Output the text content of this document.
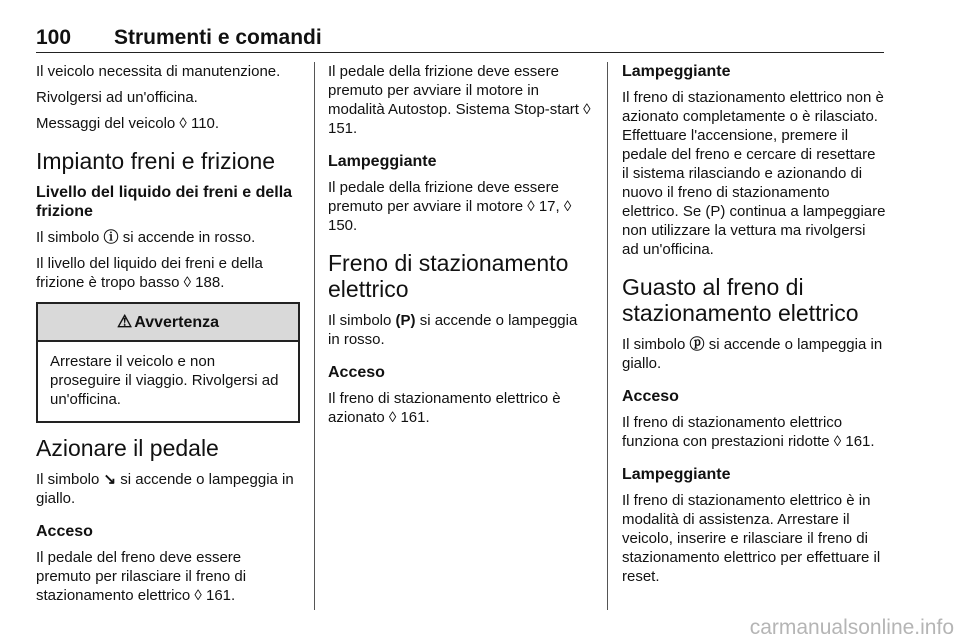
100 Strumenti e comandi

Il veicolo necessita di manutenzione.

Rivolgersi ad un'officina.

Messaggi del veicolo ◊ 110.

Impianto freni e frizione
Livello del liquido dei freni e della frizione

Il simbolo ⓘ si accende in rosso.

Il livello del liquido dei freni e della frizione è tropo basso ◊ 188.

⚠ Avvertenza
Arrestare il veicolo e non proseguire il viaggio. Rivolgersi ad un'officina.
Azionare il pedale

Il simbolo ↘ si accende o lampeggia in giallo.

Acceso

Il pedale del freno deve essere premuto per rilasciare il freno di stazionamento elettrico ◊ 161.

Il pedale della frizione deve essere premuto per avviare il motore in modalità Autostop. Sistema Stop-start ◊ 151.

Lampeggiante

Il pedale della frizione deve essere premuto per avviare il motore ◊ 17, ◊ 150.

Freno di stazionamento elettrico

Il simbolo (P) si accende o lampeggia in rosso.

Acceso

Il freno di stazionamento elettrico è azionato ◊ 161.

Lampeggiante

Il freno di stazionamento elettrico non è azionato completamente o è rilasciato. Effettuare l'accensione, premere il pedale del freno e cercare di resettare il sistema rilasciando e azionando di nuovo il freno di stazionamento elettrico. Se (P) continua a lampeggiare non utilizzare la vettura ma rivolgersi ad un'officina.

Guasto al freno di stazionamento elettrico

Il simbolo ⓟ si accende o lampeggia in giallo.

Acceso

Il freno di stazionamento elettrico funziona con prestazioni ridotte ◊ 161.

Lampeggiante

Il freno di stazionamento elettrico è in modalità di assistenza. Arrestare il veicolo, inserire e rilasciare il freno di stazionamento elettrico per effettuare il reset.

carmanualsonline.info
